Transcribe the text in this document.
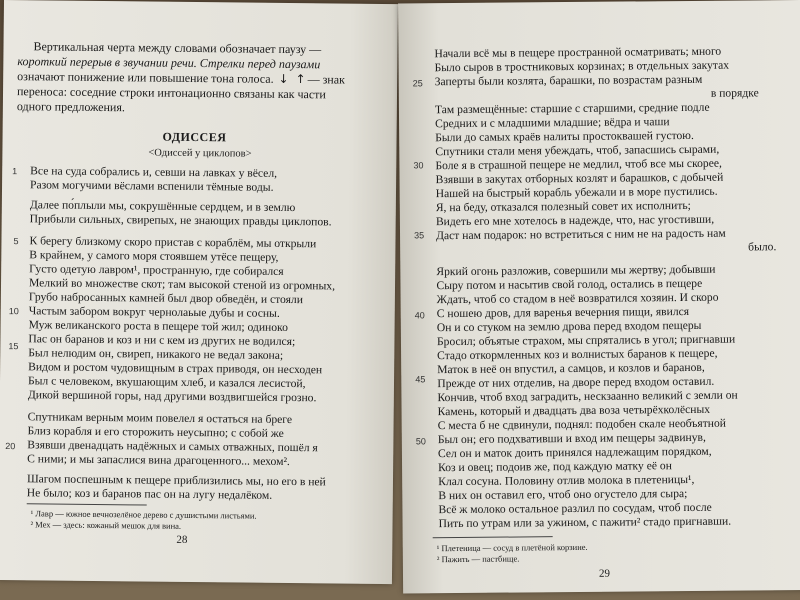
Вертикальная черта между словами обозначает паузу —
короткий перерыв в звучании речи. Стрелки перед паузами
означают понижение или повышение тона голоса. ↓ ↑ — знак
переноса: соседние строки интонационно связаны как части
одного предложения.
ОДИССЕЯ
<Одиссей у циклопов>
1 Все на суда собрались и, севши на лавках у вёсел,
Разом могучими вёслами вспенили тёмные воды.
Далее по́плыли мы, сокрушённые сердцем, и в землю
Прибыли сильных, свирепых, не знающих правды циклопов.
5 К берегу близкому скоро пристав с кораблём, мы открыли
В крайнем, у самого моря стоявшем утёсе пещеру,
Густо одетую лавром¹, пространную, где собирался
Мелкий во множестве скот; там высокой стеной из огромных,
Грубо набросанных камней был двор обведён, и стояли
10 Частым забором вокруг чернолаьые дубы и сосны.
Муж великанского роста в пещере той жил; одиноко
Пас он баранов и коз и ни с кем из других не водился;
Был нелюдим он, свиреп, никакого не ведал закона;
15
Видом и ростом чудовищным в страх приводя, он несходен
Был с человеком, вкушающим хлеб, и казался лесистой,
Дикой вершиной горы, над другими воздвигшейся грозно.
Спутникам верным моим повелел я остаться на бреге
Близ корабля и его сторожить неусыпно; с собой же
Взявши двенадцать надёжных и самых отважных, пошёл я
20
С ними; и мы запаслися вина драгоценного... мехом².
Шагом поспешным к пещере приблизились мы, но его в ней
Не было; коз и баранов пас он на лугу недалёком.
¹ Лавр — южное вечнозелёное дерево с душистыми листьями.
² Мех — здесь: кожаный мешок для вина.
28
Начали всё мы в пещере пространной осматривать; много
Было сыров в тростниковых корзинах; в отдельных закутах
25 Заперты были козлята, барашки, по возрастам разным
в порядке
Там размещённые: старшие с старшими, средние подле
Средних и с младшими младшие; вёдра и чаши
Были до самых краёв налиты простоквашей густою.
Спутники стали меня убеждать, чтоб, запасшись сырами,
30 Боле я в страшной пещере не медлил, чтоб все мы скорее,
Взявши в закутах отборных козлят и барашков, с добычей
Нашей на быстрый корабль убежали и в море пустились.
Я, на беду, отказался полезный совет их исполнить;
Видеть его мне хотелось в надежде, что, нас угостивши,
35 Даст нам подарок: но встретиться с ним не на радость нам
было.
Яркий огонь разложив, совершили мы жертву; добывши
Сыру потом и насытив свой голод, остались в пещере
Ждать, чтоб со стадом в неё возвратился хозяин. И скоро
С ношею дров, для варенья вечерния пищи, явился
40
Он и со стуком на землю дрова перед входом пещеры
Бросил; объятые страхом, мы спрятались в угол; пригнавши
Стадо откормленных коз и волнистых баранов к пещере,
Маток в неё он впустил, а самцов, и козлов и баранов,
Прежде от них отделив, на дворе перед входом оставил.
45
Кончив, чтоб вход заградить, нескзаанно великий с земли он
Камень, который и двадцать два воза четырёхколёсных
С места б не сдвинули, поднял: подобен скале необъятной
Был он; его подхвативши и вход им пещеры задвинув,
Сел он и маток доить принялся надлежащим порядком,
50
Коз и овец; подоив же, под каждую матку её он
Клал сосуна. Половину отлив молока в плетеницы¹,
В них он оставил его, чтоб оно огустело для сыра;
Всё ж молоко остальное разлил по сосудам, чтоб после
Пить по утрам или за ужином, с пажити² стадо пригнавши.
¹ Плетеница — сосуд в плетёной корзине.
² Пажить — пастбище.
29
